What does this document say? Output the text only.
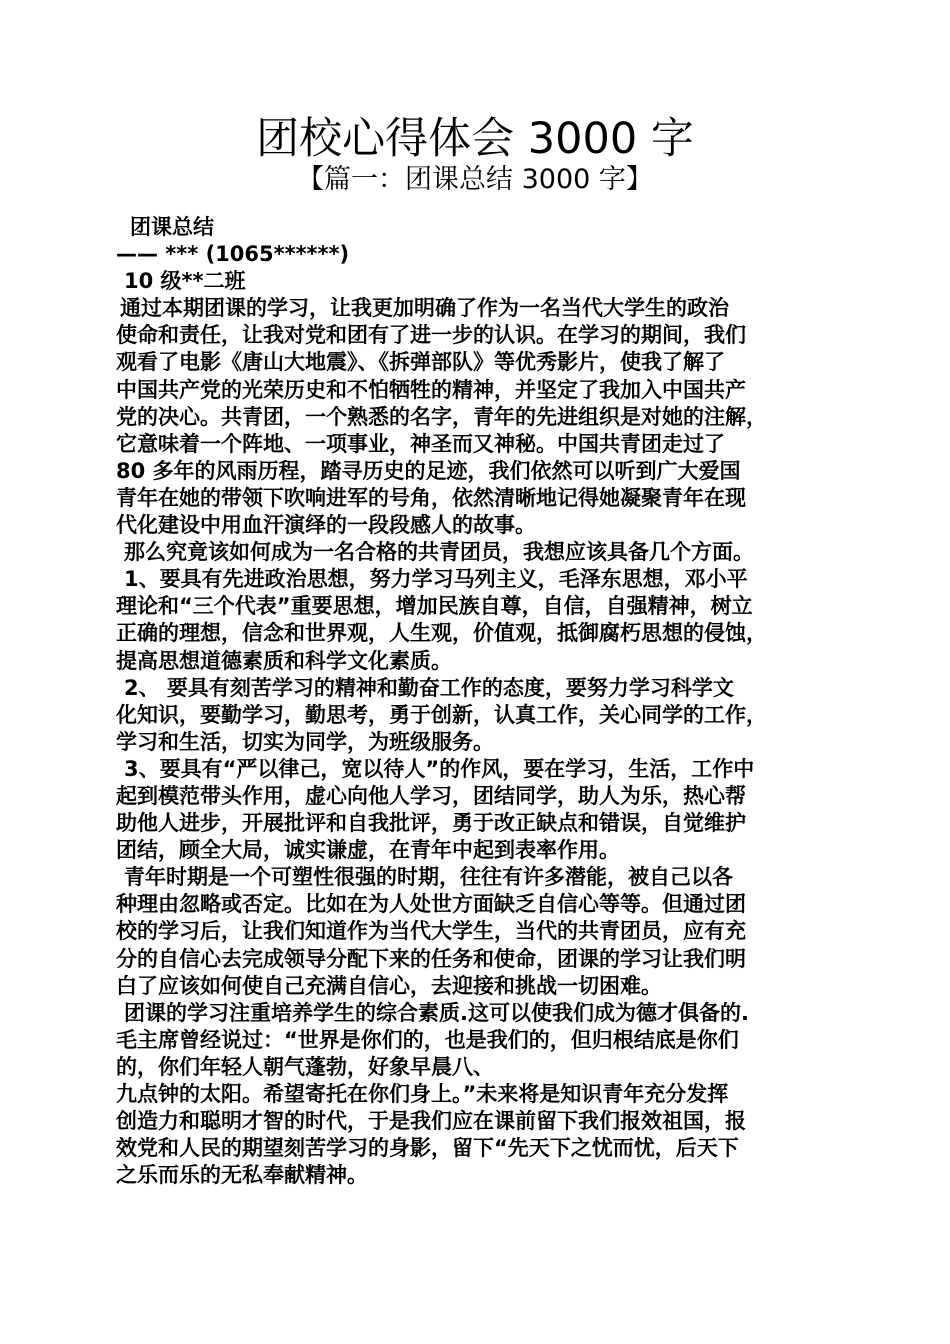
团校心得体会 3000 字
【篇一：团课总结 3000 字】
团课总结
—— *** (1065******)
10 级**二班
通过本期团课的学习，让我更加明确了作为一名当代大学生的政治
使命和责任，让我对党和团有了进一步的认识。在学习的期间，我们
观看了电影《唐山大地震》、《拆弹部队》等优秀影片，使我了解了
中国共产党的光荣历史和不怕牺牲的精神，并坚定了我加入中国共产
党的决心。共青团，一个熟悉的名字，青年的先进组织是对她的注解，
它意味着一个阵地、一项事业，神圣而又神秘。中国共青团走过了
80 多年的风雨历程，踏寻历史的足迹，我们依然可以听到广大爱国
青年在她的带领下吹响进军的号角，依然清晰地记得她凝聚青年在现
代化建设中用血汗演绎的一段段感人的故事。
那么究竟该如何成为一名合格的共青团员，我想应该具备几个方面。
1、要具有先进政治思想，努力学习马列主义，毛泽东思想，邓小平
理论和“三个代表”重要思想，增加民族自尊，自信，自强精神，树立
正确的理想，信念和世界观，人生观，价值观，抵御腐朽思想的侵蚀，
提高思想道德素质和科学文化素质。
2、 要具有刻苦学习的精神和勤奋工作的态度，要努力学习科学文
化知识，要勤学习，勤思考，勇于创新，认真工作，关心同学的工作，
学习和生活，切实为同学，为班级服务。
3、要具有“严以律己，宽以待人”的作风，要在学习，生活，工作中
起到模范带头作用，虚心向他人学习，团结同学，助人为乐，热心帮
助他人进步，开展批评和自我批评，勇于改正缺点和错误，自觉维护
团结，顾全大局，诚实谦虚，在青年中起到表率作用。
青年时期是一个可塑性很强的时期，往往有许多潜能，被自己以各
种理由忽略或否定。比如在为人处世方面缺乏自信心等等。但通过团
校的学习后，让我们知道作为当代大学生，当代的共青团员，应有充
分的自信心去完成领导分配下来的任务和使命，团课的学习让我们明
白了应该如何使自己充满自信心，去迎接和挑战一切困难。
团课的学习注重培养学生的综合素质.这可以使我们成为德才俱备的.
毛主席曾经说过：“世界是你们的，也是我们的，但归根结底是你们
的，你们年轻人朝气蓬勃，好象早晨八、
九点钟的太阳。希望寄托在你们身上。”未来将是知识青年充分发挥
创造力和聪明才智的时代，于是我们应在课前留下我们报效祖国，报
效党和人民的期望刻苦学习的身影，留下“先天下之忧而忧，后天下
之乐而乐的无私奉献精神。
